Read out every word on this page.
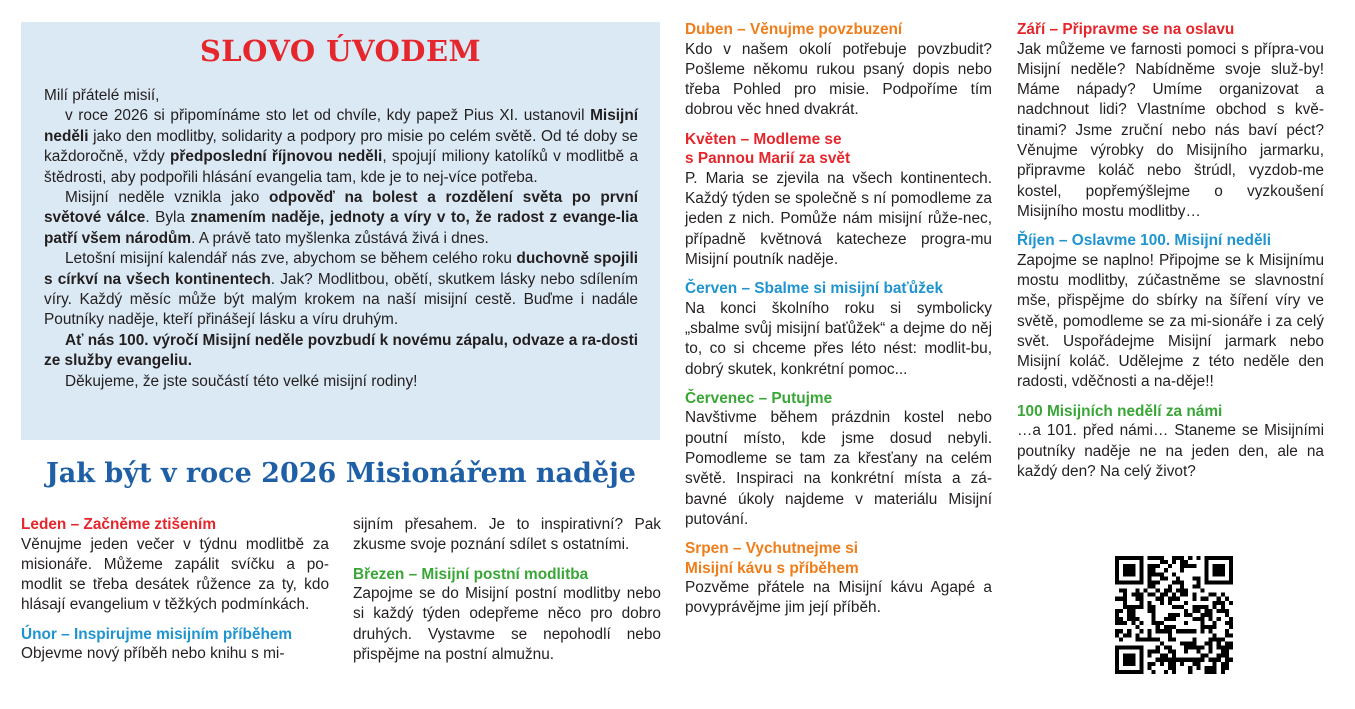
SLOVO ÚVODEM

Milí přátelé misií,

v roce 2026 si připomínáme sto let od chvíle, kdy papež Pius XI. ustanovil Misijní neděli jako den modlitby, solidarity a podpory pro misie po celém světě. Od té doby se každoročně, vždy předposlední říjnovou neděli, spojují miliony katolíků v modlitbě a štědrosti, aby podpořili hlásání evangelia tam, kde je to nej-více potřeba.

Misijní neděle vznikla jako odpověď na bolest a rozdělení světa po první světové válce. Byla znamením naděje, jednoty a víry v to, že radost z evange-lia patří všem národům. A právě tato myšlenka zůstává živá i dnes.

Letošní misijní kalendář nás zve, abychom se během celého roku duchovně spojili s církví na všech kontinentech. Jak? Modlitbou, obětí, skutkem lásky nebo sdílením víry. Každý měsíc může být malým krokem na naší misijní cestě. Buďme i nadále Poutníky naděje, kteří přinášejí lásku a víru druhým.

Ať nás 100. výročí Misijní neděle povzbudí k novému zápalu, odvaze a ra-dosti ze služby evangeliu.

Děkujeme, že jste součástí této velké misijní rodiny!

Jak být v roce 2026 Misionářem naděje
Leden – Začněme ztišením

Věnujme jeden večer v týdnu modlitbě za misionáře. Můžeme zapálit svíčku a po-modlit se třeba desátek růžence za ty, kdo hlásají evangelium v těžkých podmínkách.

Únor – Inspirujme misijním příběhem

Objevme nový příběh nebo knihu s mi-

sijním přesahem. Je to inspirativní? Pak zkusme svoje poznání sdílet s ostatními.

Březen – Misijní postní modlitba

Zapojme se do Misijní postní modlitby nebo si každý týden odepřeme něco pro dobro druhých. Vystavme se nepohodlí nebo přispějme na postní almužnu.

Duben – Věnujme povzbuzení

Kdo v našem okolí potřebuje povzbudit? Pošleme někomu rukou psaný dopis nebo třeba Pohled pro misie. Podpoříme tím dobrou věc hned dvakrát.

Květen – Modleme se
s Pannou Marií za svět

P. Maria se zjevila na všech kontinentech. Každý týden se společně s ní pomodleme za jeden z nich. Pomůže nám misijní růže-nec, případně květnová katecheze progra-mu Misijní poutník naděje.

Červen – Sbalme si misijní baťůžek

Na konci školního roku si symbolicky „sbalme svůj misijní baťůžek“ a dejme do něj to, co si chceme přes léto nést: modlit-bu, dobrý skutek, konkrétní pomoc...

Červenec – Putujme

Navštivme během prázdnin kostel nebo poutní místo, kde jsme dosud nebyli. Pomodleme se tam za křesťany na celém světě. Inspiraci na konkrétní místa a zá-bavné úkoly najdeme v materiálu Misijní putování.

Srpen – Vychutnejme si
Misijní kávu s příběhem

Pozvěme přátele na Misijní kávu Agapé a povyprávějme jim její příběh.

Září – Připravme se na oslavu

Jak můžeme ve farnosti pomoci s přípra-vou Misijní neděle? Nabídněme svoje služ-by! Máme nápady? Umíme organizovat a nadchnout lidi? Vlastníme obchod s kvě-tinami? Jsme zruční nebo nás baví péct? Věnujme výrobky do Misijního jarmarku, připravme koláč nebo štrúdl, vyzdob-me kostel, popřemýšlejme o vyzkoušení Misijního mostu modlitby…

Říjen – Oslavme 100. Misijní neděli

Zapojme se naplno! Připojme se k Misijnímu mostu modlitby, zúčastněme se slavnostní mše, přispějme do sbírky na šíření víry ve světě, pomodleme se za mi-sionáře i za celý svět. Uspořádejme Misijní jarmark nebo Misijní koláč. Udělejme z této neděle den radosti, vděčnosti a na-děje!!

100 Misijních nedělí za námi

…a 101. před námi… Staneme se Misijními poutníky naděje ne na jeden den, ale na každý den? Na celý život?
